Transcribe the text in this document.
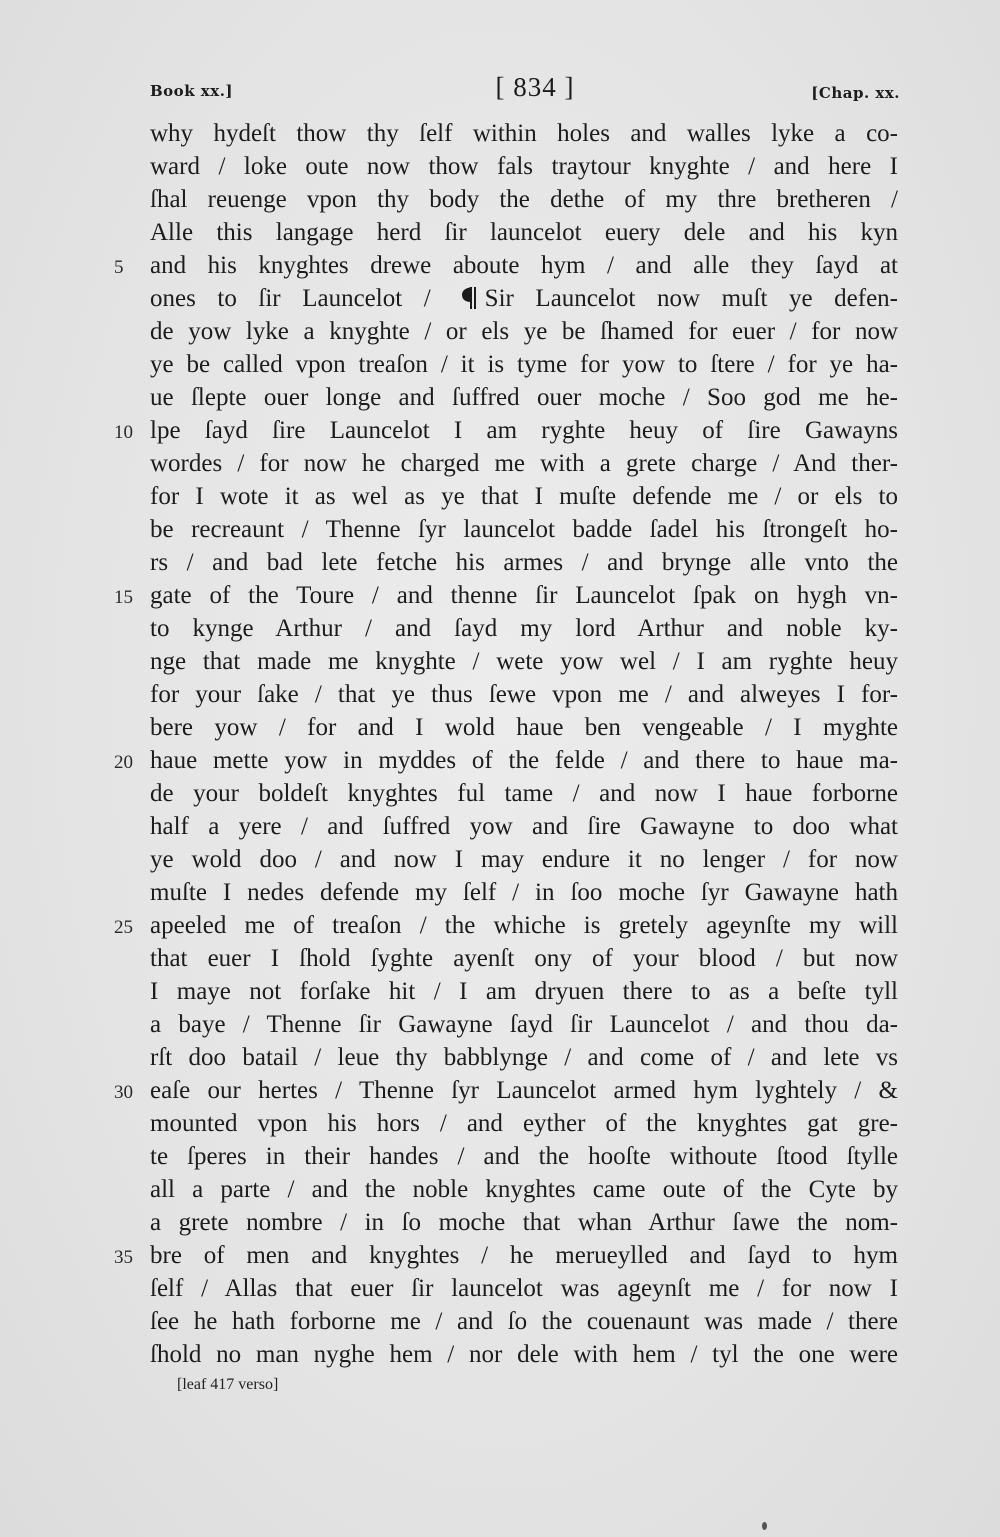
Book xx.]	[ 834 ]	[Chap. xx.
why hydeſt thow thy ſelf within holes and walles lyke a co-
ward / loke oute now thow fals traytour knyghte / and here I
ſhal reuenge vpon thy body the dethe of my thre bretheren /
Alle this langage herd ſir launcelot euery dele and his kyn
5	and his knyghtes drewe aboute hym / and alle they ſayd at
ones to ſir Launcelot / Sir Launcelot now muſt ye defen-
de yow lyke a knyghte / or els ye be ſhamed for euer / for now
ye be called vpon treaſon / it is tyme for yow to ſtere / for ye ha-
ue ſlepte ouer longe and ſuffred ouer moche / Soo god me he-
10 lpe ſayd ſire Launcelot I am ryghte heuy of ſire Gawayns
wordes / for now he charged me with a grete charge / And ther-
for I wote it as wel as ye that I muſte defende me / or els to
be recreaunt / Thenne ſyr launcelot badde ſadel his ſtrongeſt ho-
rs / and bad lete fetche his armes / and brynge alle vnto the
15 gate of the Toure / and thenne ſir Launcelot ſpak on hygh vn-
to kynge Arthur / and ſayd my lord Arthur and noble ky-
nge that made me knyghte / wete yow wel / I am ryghte heuy
for your ſake / that ye thus ſewe vpon me / and alweyes I for-
bere yow / for and I wold haue ben vengeable / I myghte
20 haue mette yow in myddes of the felde / and there to haue ma-
de your boldeſt knyghtes ful tame / and now I haue forborne
half a yere / and ſuffred yow and ſire Gawayne to doo what
ye wold doo / and now I may endure it no lenger / for now
muſte I nedes defende my ſelf / in ſoo moche ſyr Gawayne hath
25 apeeled me of treaſon / the whiche is gretely ageynſte my will
that euer I ſhold ſyghte ayenſt ony of your blood / but now
I maye not forſake hit / I am dryuen there to as a beſte tyll
a baye / Thenne ſir Gawayne ſayd ſir Launcelot / and thou da-
rſt doo batail / leue thy babblynge / and come of / and lete vs
30 eaſe our hertes / Thenne ſyr Launcelot armed hym lyghtely / &
mounted vpon his hors / and eyther of the knyghtes gat gre-
te ſperes in their handes / and the hooſte withoute ſtood ſtylle
all a parte / and the noble knyghtes came oute of the Cyte by
a grete nombre / in ſo moche that whan Arthur ſawe the nom-
35 bre of men and knyghtes / he merueylled and ſayd to hym
ſelf / Allas that euer ſir launcelot was ageynſt me / for now I
ſee he hath forborne me / and ſo the couenaunt was made / there
ſhold no man nyghe hem / nor dele with hem / tyl the one were
[leaf 417 verso]
